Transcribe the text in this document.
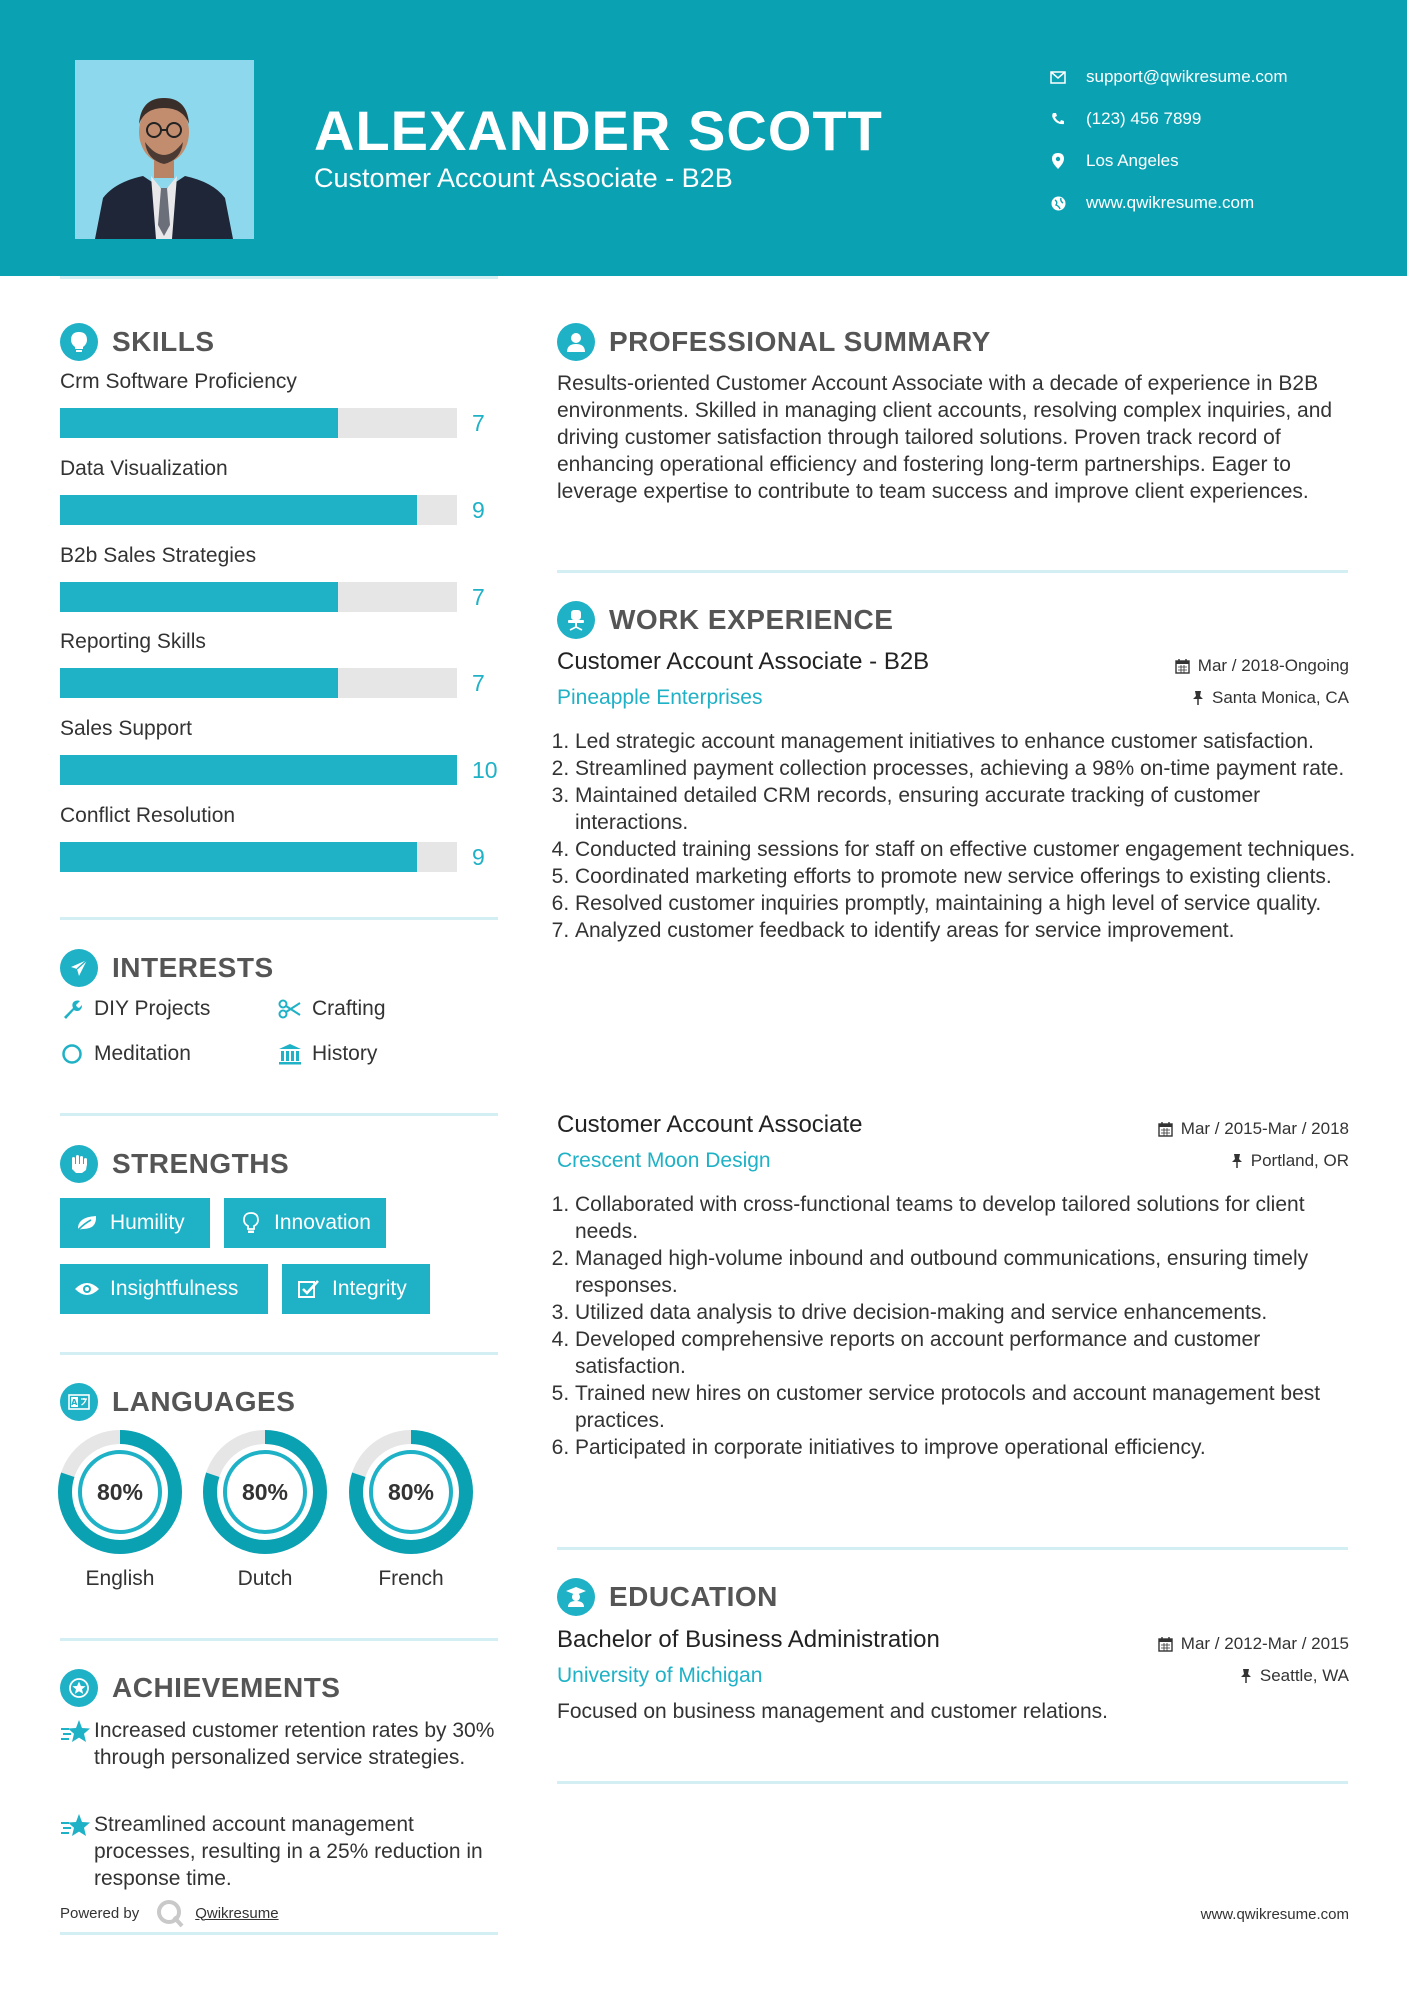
ALEXANDER SCOTT
Customer Account Associate - B2B
support@qwikresume.com
(123) 456 7899
Los Angeles
www.qwikresume.com
SKILLS
Crm Software Proficiency
7
Data Visualization
9
B2b Sales Strategies
7
Reporting Skills
7
Sales Support
10
Conflict Resolution
9
INTERESTS
DIY Projects	Crafting
Meditation	History
STRENGTHS
Humility	Innovation
Insightfulness	Integrity
A LANGUAGES
80%
English
80%
Dutch
80%
French
ACHIEVEMENTS
Increased customer retention rates by 30% through personalized service strategies.
Streamlined account management processes, resulting in a 25% reduction in response time.
Powered by	Qwikresume
PROFESSIONAL SUMMARY
Results-oriented Customer Account Associate with a decade of experience in B2B environments. Skilled in managing client accounts, resolving complex inquiries, and driving customer satisfaction through tailored solutions. Proven track record of enhancing operational efficiency and fostering long-term partnerships. Eager to leverage expertise to contribute to team success and improve client experiences.
WORK EXPERIENCE
Customer Account Associate - B2B
Pineapple Enterprises
Mar / 2018-Ongoing
Santa Monica, CA
1. Led strategic account management initiatives to enhance customer satisfaction.
2. Streamlined payment collection processes, achieving a 98% on-time payment rate.
3. Maintained detailed CRM records, ensuring accurate tracking of customer interactions.
4. Conducted training sessions for staff on effective customer engagement techniques.
5. Coordinated marketing efforts to promote new service offerings to existing clients.
6. Resolved customer inquiries promptly, maintaining a high level of service quality.
7. Analyzed customer feedback to identify areas for service improvement.
Customer Account Associate
Crescent Moon Design
Mar / 2015-Mar / 2018
Portland, OR
1. Collaborated with cross-functional teams to develop tailored solutions for client needs.
2. Managed high-volume inbound and outbound communications, ensuring timely responses.
3. Utilized data analysis to drive decision-making and service enhancements.
4. Developed comprehensive reports on account performance and customer satisfaction.
5. Trained new hires on customer service protocols and account management best practices.
6. Participated in corporate initiatives to improve operational efficiency.
EDUCATION
Bachelor of Business Administration
University of Michigan
Mar / 2012-Mar / 2015
Seattle, WA
Focused on business management and customer relations.
www.qwikresume.com
